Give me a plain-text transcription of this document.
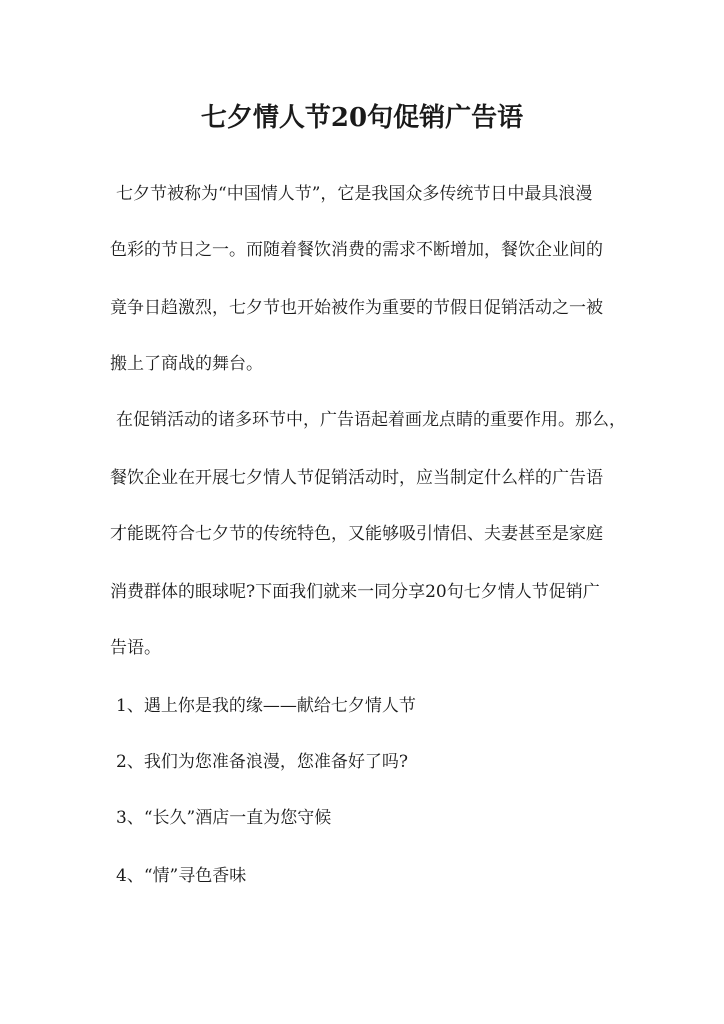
七夕情人节20句促销广告语
七夕节被称为“中国情人节”，它是我国众多传统节日中最具浪漫
色彩的节日之一。而随着餐饮消费的需求不断增加，餐饮企业间的
竟争日趋激烈，七夕节也开始被作为重要的节假日促销活动之一被
搬上了商战的舞台。
在促销活动的诸多环节中，广告语起着画龙点睛的重要作用。那么，
餐饮企业在开展七夕情人节促销活动时，应当制定什么样的广告语
才能既符合七夕节的传统特色，又能够吸引情侣、夫妻甚至是家庭
消费群体的眼球呢?下面我们就来一同分享20句七夕情人节促销广
告语。
1、遇上你是我的缘——献给七夕情人节
2、我们为您准备浪漫，您准备好了吗?
3、“长久”酒店一直为您守候
4、“情”寻色香味
